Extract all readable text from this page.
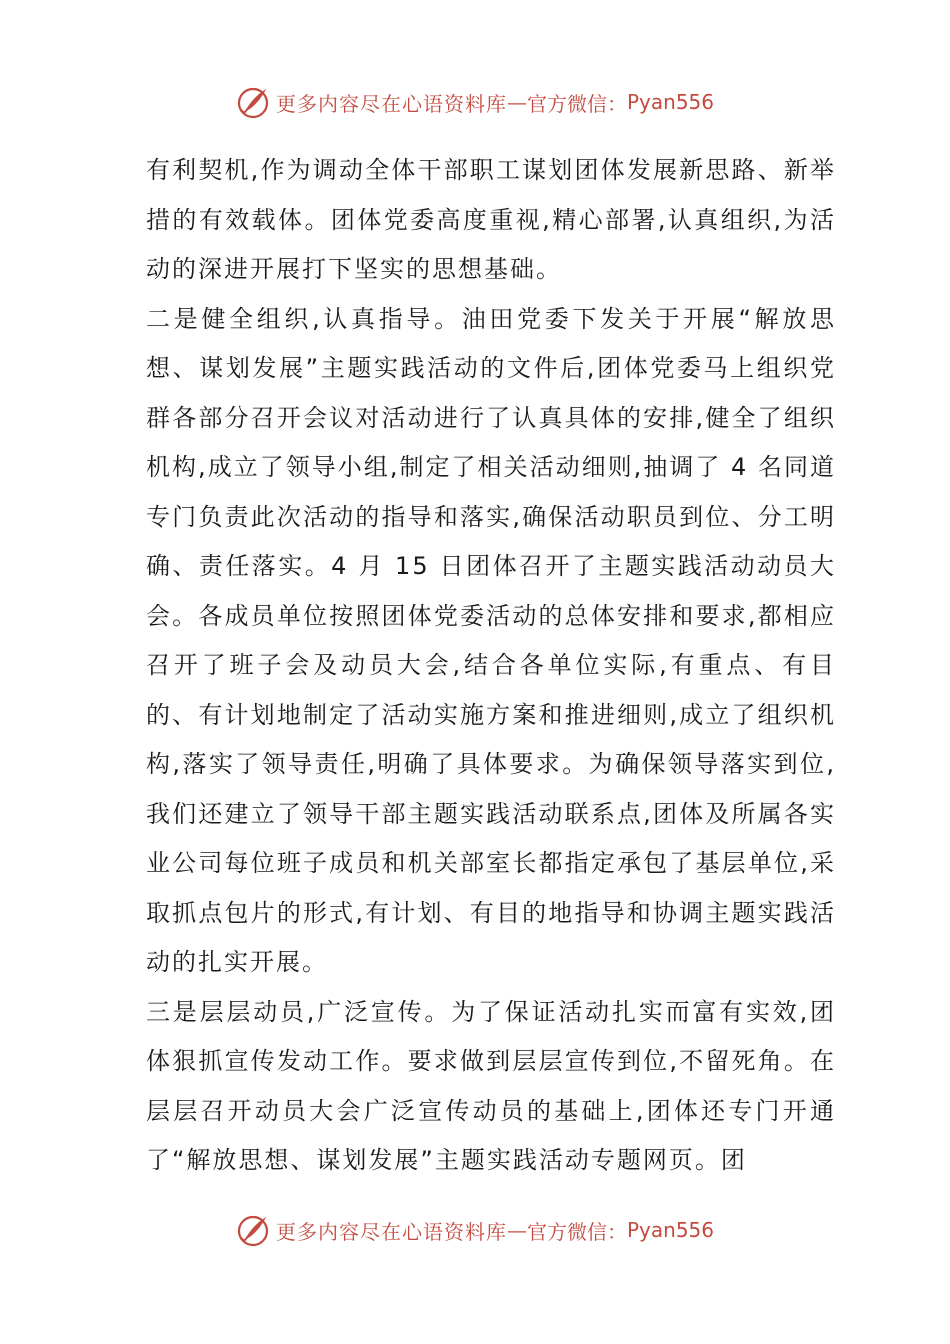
更多内容尽在心语资料库 — 官方微信： Pyan556

有利契机,作为调动全体干部职工谋划团体发展新思路、新举措的有效载体。团体党委高度重视,精心部署,认真组织,为活动的深进开展打下坚实的思想基础。

二是健全组织,认真指导。油田党委下发关于开展“解放思想、谋划发展”主题实践活动的文件后,团体党委马上组织党群各部分召开会议对活动进行了认真具体的安排,健全了组织机构,成立了领导小组,制定了相关活动细则,抽调了 4 名同道专门负责此次活动的指导和落实,确保活动职员到位、分工明确、责任落实。4 月 15 日团体召开了主题实践活动动员大会。各成员单位按照团体党委活动的总体安排和要求,都相应召开了班子会及动员大会,结合各单位实际,有重点、有目的、有计划地制定了活动实施方案和推进细则,成立了组织机构,落实了领导责任,明确了具体要求。为确保领导落实到位,我们还建立了领导干部主题实践活动联系点,团体及所属各实业公司每位班子成员和机关部室长都指定承包了基层单位,采取抓点包片的形式,有计划、有目的地指导和协调主题实践活动的扎实开展。

三是层层动员,广泛宣传。为了保证活动扎实而富有实效,团体狠抓宣传发动工作。要求做到层层宣传到位,不留死角。在层层召开动员大会广泛宣传动员的基础上,团体还专门开通了“解放思想、谋划发展”主题实践活动专题网页。团

更多内容尽在心语资料库 — 官方微信： Pyan556
